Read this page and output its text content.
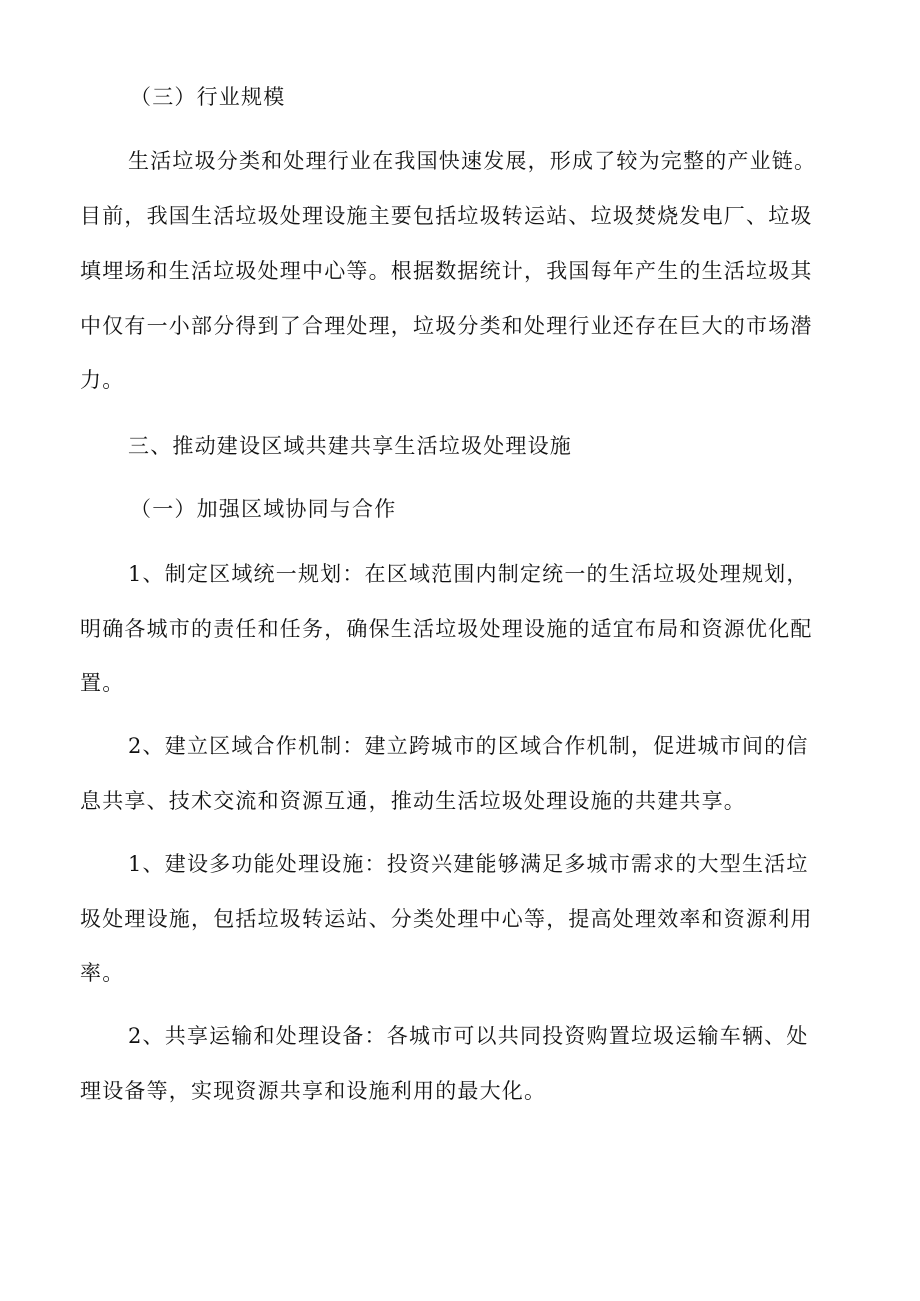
（三）行业规模
生活垃圾分类和处理行业在我国快速发展，形成了较为完整的产业链。
目前，我国生活垃圾处理设施主要包括垃圾转运站、垃圾焚烧发电厂、垃圾
填埋场和生活垃圾处理中心等。根据数据统计，我国每年产生的生活垃圾其
中仅有一小部分得到了合理处理，垃圾分类和处理行业还存在巨大的市场潜
力。
三、推动建设区域共建共享生活垃圾处理设施
（一）加强区域协同与合作
1、制定区域统一规划：在区域范围内制定统一的生活垃圾处理规划，
明确各城市的责任和任务，确保生活垃圾处理设施的适宜布局和资源优化配
置。
2、建立区域合作机制：建立跨城市的区域合作机制，促进城市间的信
息共享、技术交流和资源互通，推动生活垃圾处理设施的共建共享。
1、建设多功能处理设施：投资兴建能够满足多城市需求的大型生活垃
圾处理设施，包括垃圾转运站、分类处理中心等，提高处理效率和资源利用
率。
2、共享运输和处理设备：各城市可以共同投资购置垃圾运输车辆、处
理设备等，实现资源共享和设施利用的最大化。
